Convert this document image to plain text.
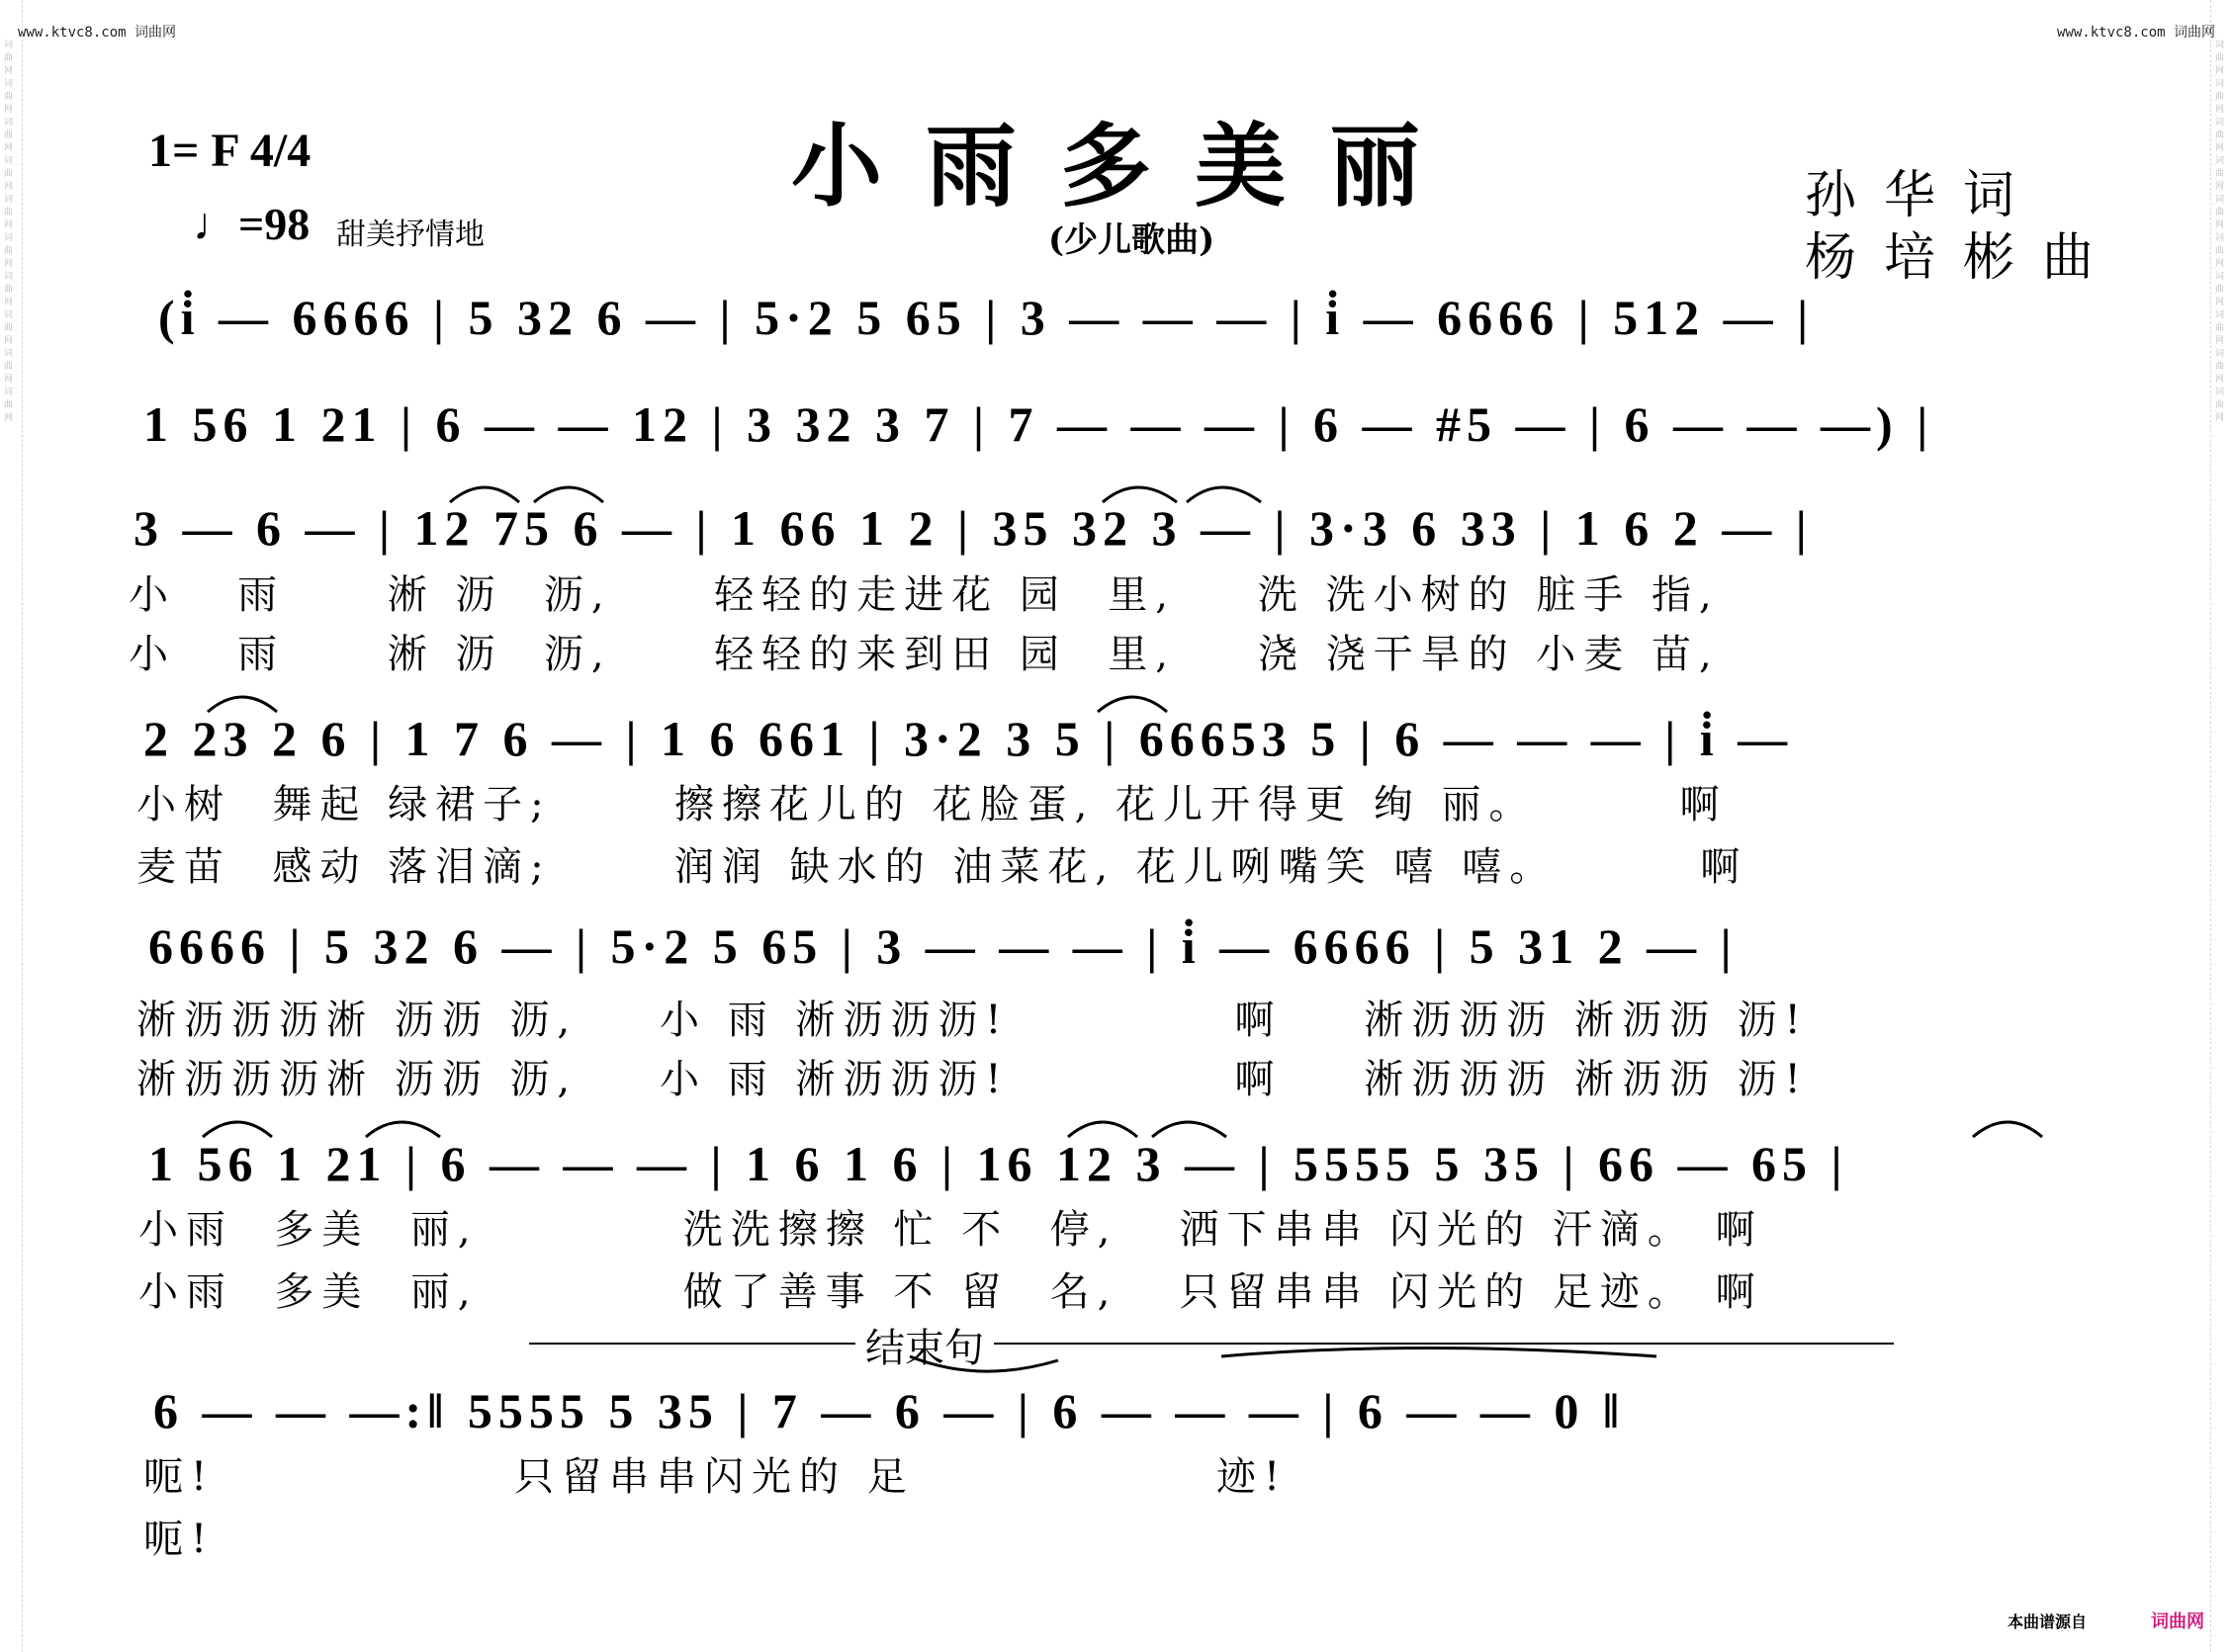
词曲网词曲网词曲网词曲网词曲网词曲网词曲网词曲网词曲网词曲网
词曲网词曲网词曲网词曲网词曲网词曲网词曲网词曲网词曲网词曲网
www.ktvc8.com 词曲网	www.ktvc8.com 词曲网
1= F 4/4
♩=98 甜美抒情地
小雨多美丽
(少儿歌曲)
孙华词
杨培彬曲
(i̇ — 6666 | 5 32 6 — | 5·2 5 65 | 3 — — — | i̇ — 6666 | 512 — |
1 56 1 21 | 6 — — 12 | 3 32 3 7 | 7 — — — | 6 — #5 — | 6 — — —) |
3 — 6 — | 12 75 6 — | 1 66 1 2 | 35 32 3 — | 3·3 6 33 | 1 6 2 — |
小   雨     淅 沥  沥,     轻轻的走进花 园  里,    洗 洗小树的 脏手 指,
小   雨     淅 沥  沥,     轻轻的来到田 园  里,    浇 浇干旱的 小麦 苗,
2 23 2 6 | 1 7 6 — | 1 6 661 | 3·2 3 5 | 66653 5 | 6 — — — | i̇ —
小树  舞起 绿裙子;      擦擦花儿的 花脸蛋, 花儿开得更 绚 丽。       啊
麦苗  感动 落泪滴;      润润 缺水的 油菜花, 花儿咧嘴笑 嘻 嘻。       啊
6666 | 5 32 6 — | 5·2 5 65 | 3 — — — | i̇ — 6666 | 5 31 2 — |
淅沥沥沥淅 沥沥 沥,    小 雨 淅沥沥沥!           啊    淅沥沥沥 淅沥沥 沥!
淅沥沥沥淅 沥沥 沥,    小 雨 淅沥沥沥!           啊    淅沥沥沥 淅沥沥 沥!
1 56 1 21 | 6 — — — | 1 6 1 6 | 16 12 3 — | 5555 5 35 | 66 — 65 |
小雨  多美  丽,          洗洗擦擦 忙 不  停,   洒下串串 闪光的 汗滴。 啊
小雨  多美  丽,          做了善事 不 留  名,   只留串串 闪光的 足迹。 啊
结束句
6 — — —:‖ 5555 5 35 | 7 — 6 — | 6 — — — | 6 — — 0 ‖
呃!	只留串串闪光的 足	迹!
呃!
本曲谱源自	词曲网
